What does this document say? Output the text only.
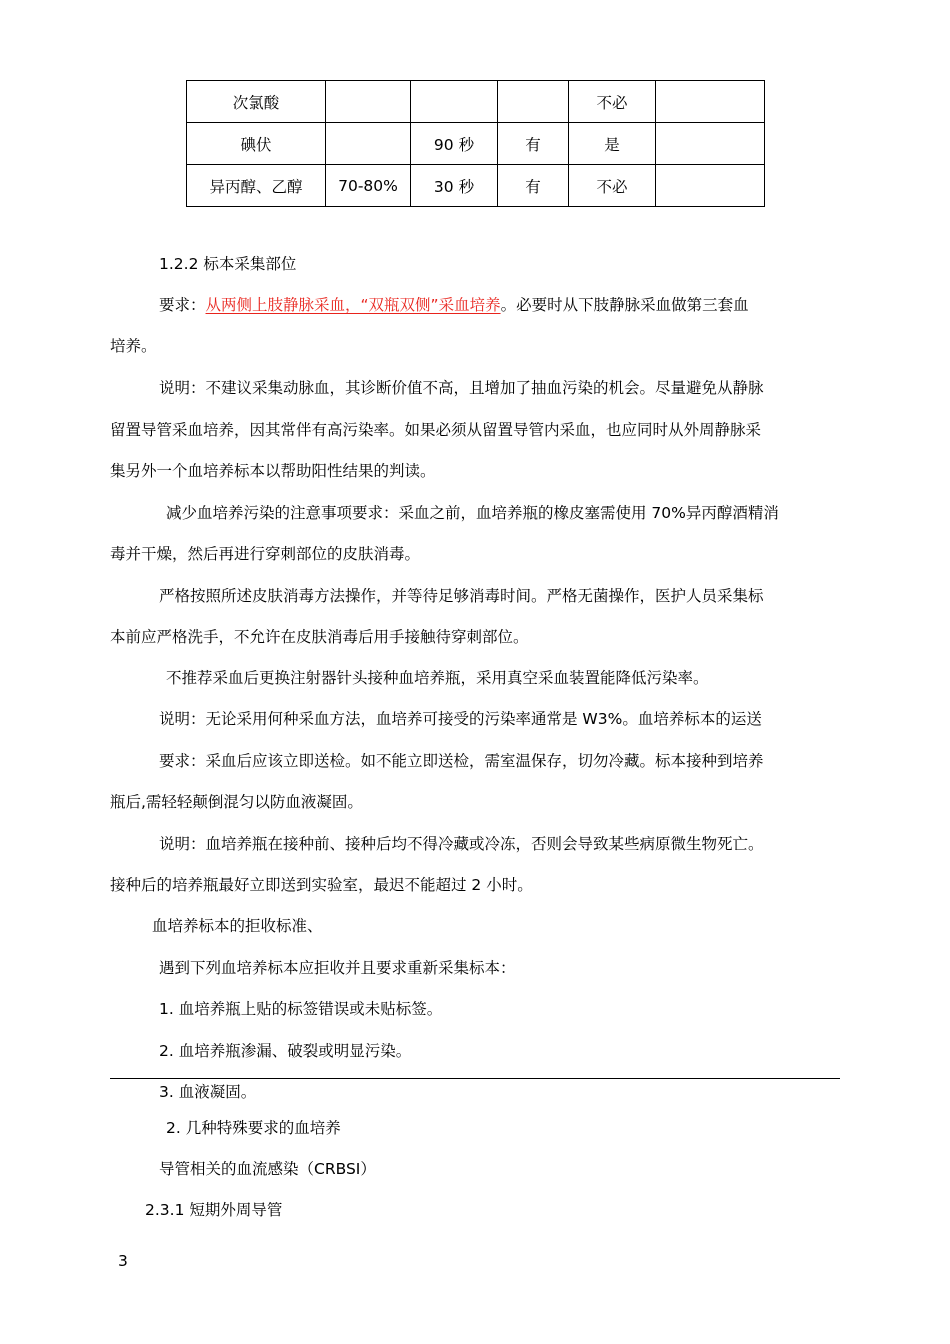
次氯酸				不必	
碘伏		90 秒	有	是	
异丙醇、乙醇	70-80%	30 秒	有	不必	
1.2.2 标本采集部位
要求：从两侧上肢静脉采血，“双瓶双侧”采血培养。必要时从下肢静脉采血做第三套血
培养。
说明：不建议采集动脉血，其诊断价值不高，且增加了抽血污染的机会。尽量避免从静脉
留置导管采血培养，因其常伴有高污染率。如果必须从留置导管内采血，也应同时从外周静脉采
集另外一个血培养标本以帮助阳性结果的判读。
减少血培养污染的注意事项要求：采血之前，血培养瓶的橡皮塞需使用 70%异丙醇酒精消
毒并干燥，然后再进行穿刺部位的皮肤消毒。
严格按照所述皮肤消毒方法操作，并等待足够消毒时间。严格无菌操作，医护人员采集标
本前应严格洗手，不允许在皮肤消毒后用手接触待穿刺部位。
不推荐采血后更换注射器针头接种血培养瓶，采用真空采血装置能降低污染率。
说明：无论采用何种采血方法，血培养可接受的污染率通常是 W3%。血培养标本的运送
要求：采血后应该立即送检。如不能立即送检，需室温保存，切勿冷藏。标本接种到培养
瓶后,需轻轻颠倒混匀以防血液凝固。
说明：血培养瓶在接种前、接种后均不得冷藏或冷冻，否则会导致某些病原微生物死亡。
接种后的培养瓶最好立即送到实验室，最迟不能超过 2 小时。
血培养标本的拒收标准、
遇到下列血培养标本应拒收并且要求重新采集标本：
1. 血培养瓶上贴的标签错误或未贴标签。
2. 血培养瓶渗漏、破裂或明显污染。
3. 血液凝固。
2. 几种特殊要求的血培养
导管相关的血流感染（CRBSI）
2.3.1 短期外周导管
3
